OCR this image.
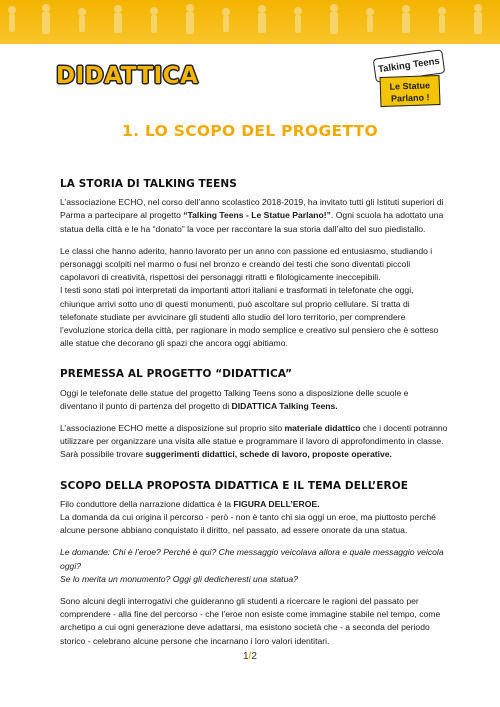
DIDATTICA	Talking Teens
Le Statue
Parlano !
1. LO SCOPO DEL PROGETTO
LA STORIA DI TALKING TEENS

L’associazione ECHO, nel corso dell’anno scolastico 2018-2019, ha invitato tutti gli Istituti superiori di Parma a partecipare al progetto “Talking Teens - Le Statue Parlano!”. Ogni scuola ha adottato una statua della città e le ha “donato” la voce per raccontare la sua storia dall’alto del suo piedistallo.

Le classi che hanno aderito, hanno lavorato per un anno con passione ed entusiasmo, studiando i personaggi scolpiti nel marmo o fusi nel bronzo e creando dei testi che sono diventati piccoli capolavori di creatività, rispettosi dei personaggi ritratti e filologicamente ineccepibili.

I testi sono stati poi interpretati da importanti attori italiani e trasformati in telefonate che oggi, chiunque arrivi sotto uno di questi monumenti, può ascoltare sul proprio cellulare. Si tratta di telefonate studiate per avvicinare gli studenti allo studio del loro territorio, per comprendere l’evoluzione storica della città, per ragionare in modo semplice e creativo sul pensiero che è sotteso alle statue che decorano gli spazi che ancora oggi abitiamo.

PREMESSA AL PROGETTO “DIDATTICA”

Oggi le telefonate delle statue del progetto Talking Teens sono a disposizione delle scuole e diventano il punto di partenza del progetto di DIDATTICA Talking Teens.

L’associazione ECHO mette a disposizione sul proprio sito materiale didattico che i docenti potranno utilizzare per organizzare una visita alle statue e programmare il lavoro di approfondimento in classe. Sarà possibile trovare suggerimenti didattici, schede di lavoro, proposte operative.

SCOPO DELLA PROPOSTA DIDATTICA E IL TEMA DELL’EROE

Filo conduttore della narrazione didattica è la FIGURA DELL’EROE.

La domanda da cui origina il percorso - però - non è tanto chi sia oggi un eroe, ma piuttosto perché alcune persone abbiano conquistato il diritto, nel passato, ad essere onorate da una statua.

Le domande: Chi è l’eroe? Perché è qui? Che messaggio veicolava allora e quale messaggio veicola oggi?

Se lo merita un monumento? Oggi gli dedicheresti una statua?

Sono alcuni degli interrogativi che guideranno gli studenti a ricercare le ragioni del passato per comprendere - alla fine del percorso - che l’eroe non esiste come immagine stabile nel tempo, come archetipo a cui ogni generazione deve adattarsi, ma esistono società che - a seconda del periodo storico - celebrano alcune persone che incarnano i loro valori identitari.

1/2
